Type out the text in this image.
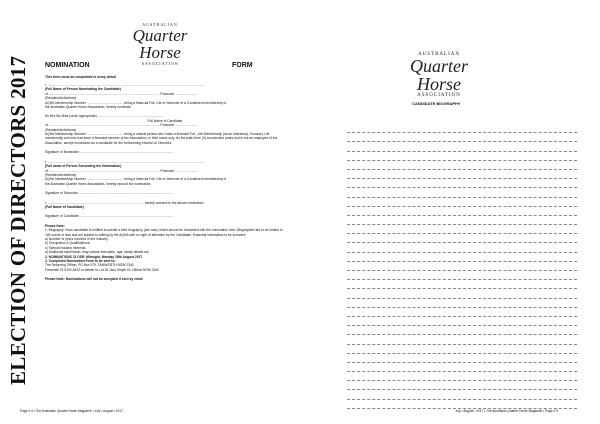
ELECTION OF DIRECTORS 2017
AUSTRALIAN
Quarter Horse
ASSOCIATION
NOMINATION	FORM
This form must be completed in every detail
I, ...........................................................................................................................................................................
(Full Name of Person Nominating the Candidate)
of ......................................................................................................................... Postcode .........................
(Residential Address)
AQHA Membership Number ........................................ being a financial Full, Life or Nominee of a Constituent membership of
the Australian Quarter Horse Association, hereby nominate
Mr Mrs Ms Miss (circle appropriate) ........................................................................
Full Name of Candidate
of ......................................................................................................................... Postcode .........................
(Residential Address)
AQHA Membership Number ........................................ being a natural person who holds a financial Full , Life Membership (as an individual), Honorary Life membership and who has been a financial member of the Association, in their name only, for the past three (3) consecutive years and is not an employee of the Association, accept nomination as a candidate for the forthcoming election of Directors.
Signature of Nominator ......................................................................................................
I, ...........................................................................................................................................................................
(Full name of Person Seconding the Nomination)
of ......................................................................................................................... Postcode .........................
(Residential Address)
AQHA Membership Number ........................................ being a financial Full, Life or Nominee of a Constituent membership of
the Australian Quarter Horse Association, hereby second the nomination.
Signature of Seconder .......................................................................................................
I, ......................................................................................................... hereby consent to the above nomination.
(Full Name of Candidate)
Signature of Candidate ......................................................................................................
Please Note:
1. Biography: Each candidate is entitled to submit a brief biography (see over) which should be forwarded with the nomination form. Biographies are to be limited to 180 words or less and are subject to editing by the AQHA with no right of alteration by the Candidate. Essential information to be included;
a) Number of years involved in the industry.
b) Occupation & Qualifications;
c) Special industry interests
d) Additional information: may include education, age, family details etc.
2. NOMINATIONS CLOSE: Midnight, Monday 28th August 2017
3. Completed Nomination Form to be sent to:
The Returning Officer, PO Box 979, TAMWORTH NSW 2340
Facsimile 02 6762 8422 or deliver to Lot 15 Jack Smyth Dr, Hillvue NSW 2340
Please Note: Nominations will not be accepted if sent by email
AUSTRALIAN
Quarter Horse
ASSOCIATION
CANDIDATE BIOGRAPHY
Page # 4 • The Australian Quarter Horse Magazine • July • August • 2017	July • August • 2017 • The Australian Quarter Horse Magazine • Page # 5
